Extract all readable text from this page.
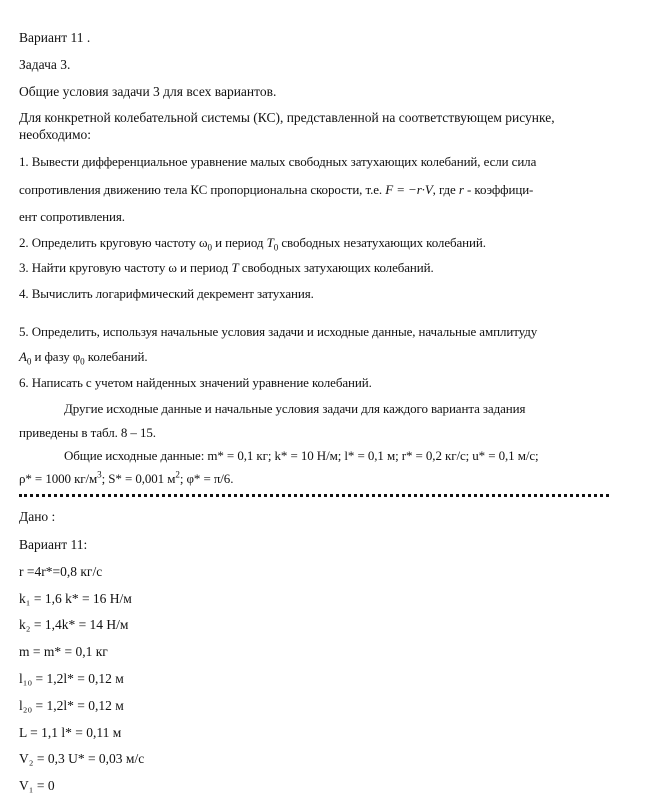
Вариант 11 .
Задача 3.
Общие условия задачи 3 для всех вариантов.
Для конкретной колебательной системы (КС), представленной на соответствующем рисунке,
необходимо:
1. Вывести дифференциальное уравнение малых свободных затухающих колебаний, если сила
сопротивления движению тела КС пропорциональна скорости, т.е. F = −r·V, где r - коэффици-
ент сопротивления.
2. Определить круговую частоту $\omega_0$ и период $T_0$ свободных незатухающих колебаний.
3. Найти круговую частоту ω и период T свободных затухающих колебаний.
4. Вычислить логарифмический декремент затухания.
5. Определить, используя начальные условия задачи и исходные данные, начальные амплитуду
$A_0$ и фазу $\varphi_0$ колебаний.
6. Написать с учетом найденных значений уравнение колебаний.
Другие исходные данные и начальные условия задачи для каждого варианта задания
приведены в табл. 8 – 15.
Общие исходные данные: m* = 0,1 кг; k* = 10 Н/м; l* = 0,1 м; r* = 0,2 кг/с; u* = 0,1 м/с;
ρ* = 1000 $кг/м^3$; S* = 0,001 $м^2$; φ* = π/6.
Дано :
Вариант 11:
r =4r*=0,8 кг/с
k₁ = 1,6 k* = 16 Н/м
k₂ = 1,4k* = 14 Н/м
m = m* = 0,1 кг
l₁₀ = 1,2l* = 0,12 м
l₂₀ = 1,2l* = 0,12 м
L = 1,1 l* = 0,11 м
V₂ = 0,3 U* = 0,03 м/с
V₁ = 0
